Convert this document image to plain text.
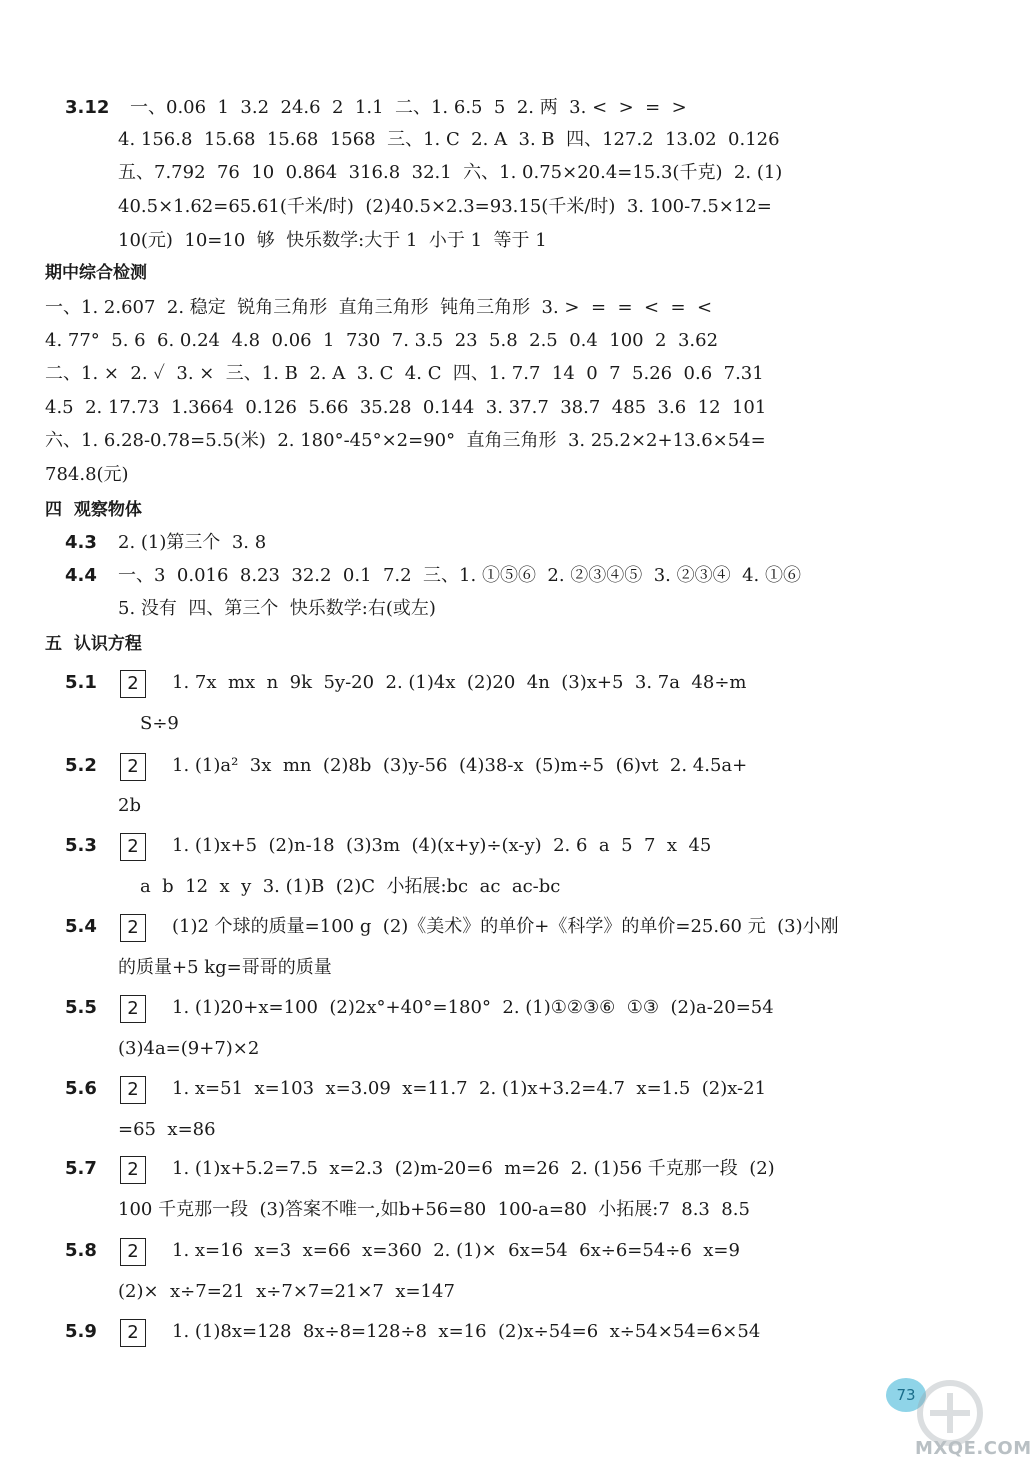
期中综合检测
四  观察物体
五  认识方程
3.12
4.3
4.4
5.1
5.2
5.3
5.4
5.5
5.6
5.7
5.8
5.9
2
2
2
2
2
2
2
2
2
一、0.06  1  3.2  24.6  2  1.1  二、1. 6.5  5  2. 两  3. <  >  =  >
4. 156.8  15.68  15.68  1568  三、1. C  2. A  3. B  四、127.2  13.02  0.126
五、7.792  76  10  0.864  316.8  32.1  六、1. 0.75×20.4=15.3(千克)  2. (1)
40.5×1.62=65.61(千米/时)  (2)40.5×2.3=93.15(千米/时)  3. 100-7.5×12=
10(元)  10=10  够  快乐数学:大于 1  小于 1  等于 1
一、1. 2.607  2. 稳定  锐角三角形  直角三角形  钝角三角形  3. >  =  =  <  =  <
4. 77°  5. 6  6. 0.24  4.8  0.06  1  730  7. 3.5  23  5.8  2.5  0.4  100  2  3.62
二、1. ×  2. ✓  3. ×  三、1. B  2. A  3. C  4. C  四、1. 7.7  14  0  7  5.26  0.6  7.31
4.5  2. 17.73  1.3664  0.126  5.66  35.28  0.144  3. 37.7  38.7  485  3.6  12  101
六、1. 6.28-0.78=5.5(米)  2. 180°-45°×2=90°  直角三角形  3. 25.2×2+13.6×54=
784.8(元)
2. (1)第三个  3. 8
一、3  0.016  8.23  32.2  0.1  7.2  三、1. ①⑤⑥  2. ②③④⑤  3. ②③④  4. ①⑥
5. 没有  四、第三个  快乐数学:右(或左)
1. 7x  mx  n  9k  5y-20  2. (1)4x  (2)20  4n  (3)x+5  3. 7a  48÷m
S÷9
1. (1)a²  3x  mn  (2)8b  (3)y-56  (4)38-x  (5)m÷5  (6)vt  2. 4.5a+
2b
1. (1)x+5  (2)n-18  (3)3m  (4)(x+y)÷(x-y)  2. 6  a  5  7  x  45
a  b  12  x  y  3. (1)B  (2)C  小拓展:bc  ac  ac-bc
(1)2 个球的质量=100 g  (2)《美术》的单价+《科学》的单价=25.60 元  (3)小刚
的质量+5 kg=哥哥的质量
1. (1)20+x=100  (2)2x°+40°=180°  2. (1)①②③⑥  ①③  (2)a-20=54
(3)4a=(9+7)×2
1. x=51  x=103  x=3.09  x=11.7  2. (1)x+3.2=4.7  x=1.5  (2)x-21
=65  x=86
1. (1)x+5.2=7.5  x=2.3  (2)m-20=6  m=26  2. (1)56 千克那一段  (2)
100 千克那一段  (3)答案不唯一,如b+56=80  100-a=80  小拓展:7  8.3  8.5
1. x=16  x=3  x=66  x=360  2. (1)×  6x=54  6x÷6=54÷6  x=9
(2)×  x÷7=21  x÷7×7=21×7  x=147
1. (1)8x=128  8x÷8=128÷8  x=16  (2)x÷54=6  x÷54×54=6×54
73
MXQE.COM
